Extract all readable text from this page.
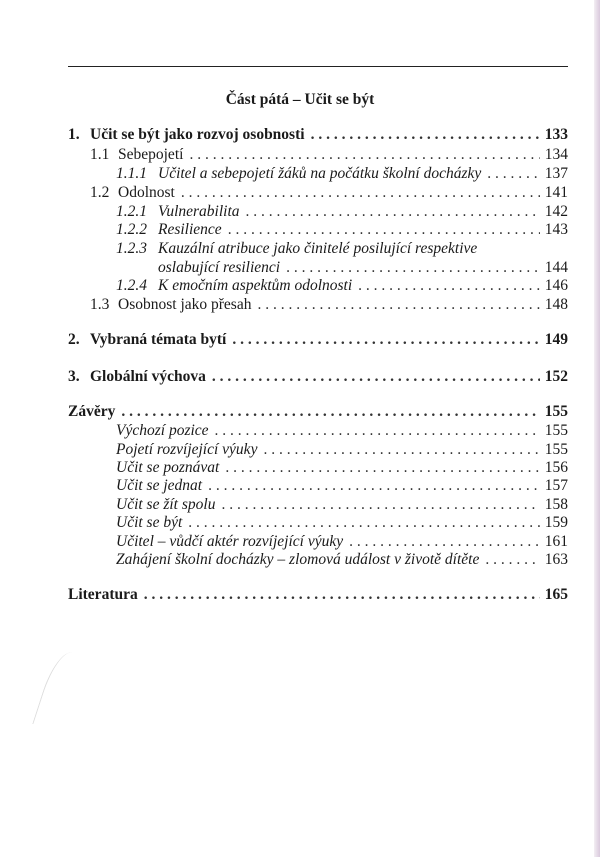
Část pátá – Učit se být
1. Učit se být jako rozvoj osobnosti . . .	133
1.1 Sebepojetí . . .	134
1.1.1 Učitel a sebepojetí žáků na počátku školní docházky . . .	137
1.2 Odolnost . . .	141
1.2.1 Vulnerabilita . . .	142
1.2.2 Resilience . . .	143
1.2.3 Kauzální atribuce jako činitelé posilující respektive
oslabující resilienci . . .	144
1.2.4 K emočním aspektům odolnosti . . .	146
1.3 Osobnost jako přesah . . .	148
2. Vybraná témata bytí . . .	149
3. Globální výchova . . .	152
Závěry . . .	155
Výchozí pozice . . .	155
Pojetí rozvíjející výuky . . .	155
Učit se poznávat . . .	156
Učit se jednat . . .	157
Učit se žít spolu . . .	158
Učit se být . . .	159
Učitel – vůdčí aktér rozvíjející výuky . . .	161
Zahájení školní docházky – zlomová událost v životě dítěte . . .	163
Literatura . . .	165
